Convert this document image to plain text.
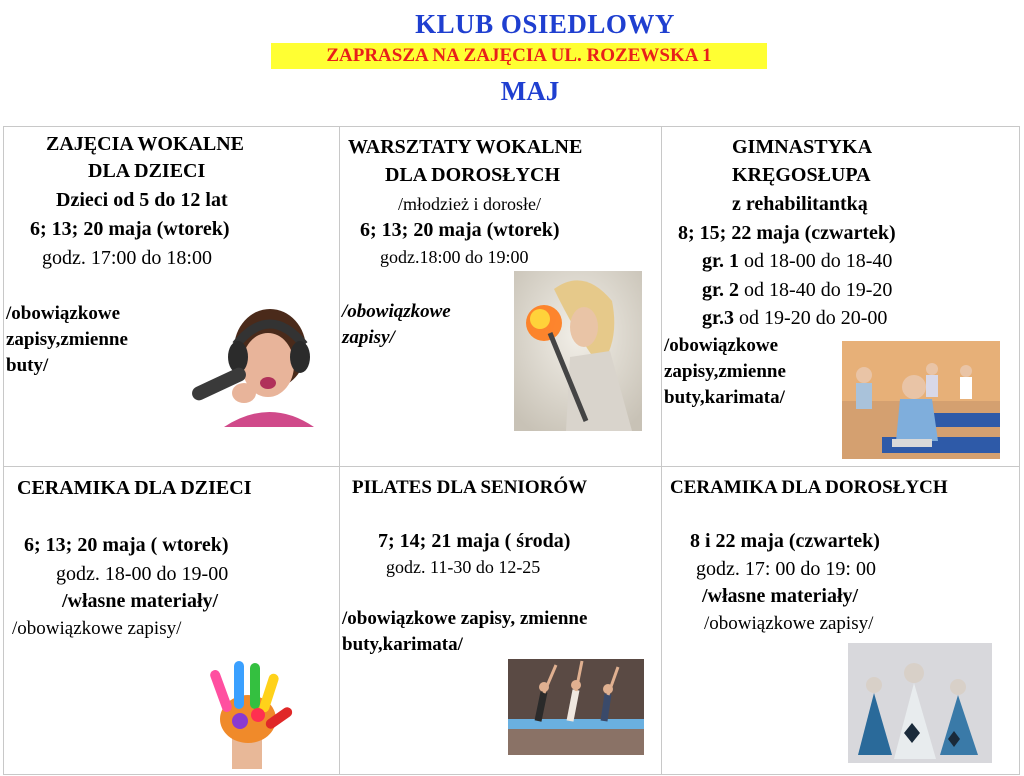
KLUB OSIEDLOWY
ZAPRASZA NA ZAJĘCIA UL. ROZEWSKA 1
MAJ
ZAJĘCIA WOKALNE
DLA DZIECI
Dzieci od 5 do 12 lat
6; 13; 20 maja (wtorek)
godz. 17:00 do 18:00
/obowiązkowe
zapisy,zmienne
buty/
WARSZTATY WOKALNE
DLA DOROSŁYCH
/młodzież i dorosłe/
6; 13; 20 maja (wtorek)
godz.18:00 do 19:00
/obowiązkowe
zapisy/
GIMNASTYKA
KRĘGOSŁUPA
z rehabilitantką
8; 15; 22 maja (czwartek)
gr. 1 od 18-00 do 18-40
gr. 2 od 18-40 do 19-20
gr.3 od 19-20 do 20-00
/obowiązkowe
zapisy,zmienne
buty,karimata/
CERAMIKA DLA DZIECI
6; 13; 20 maja ( wtorek)
godz. 18-00 do 19-00
/własne materiały/
/obowiązkowe zapisy/
PILATES DLA SENIORÓW
7; 14; 21 maja ( środa)
godz. 11-30 do 12-25
/obowiązkowe zapisy, zmienne
buty,karimata/
CERAMIKA DLA DOROSŁYCH
8 i 22 maja (czwartek)
godz. 17: 00 do 19: 00
/własne materiały/
/obowiązkowe zapisy/
